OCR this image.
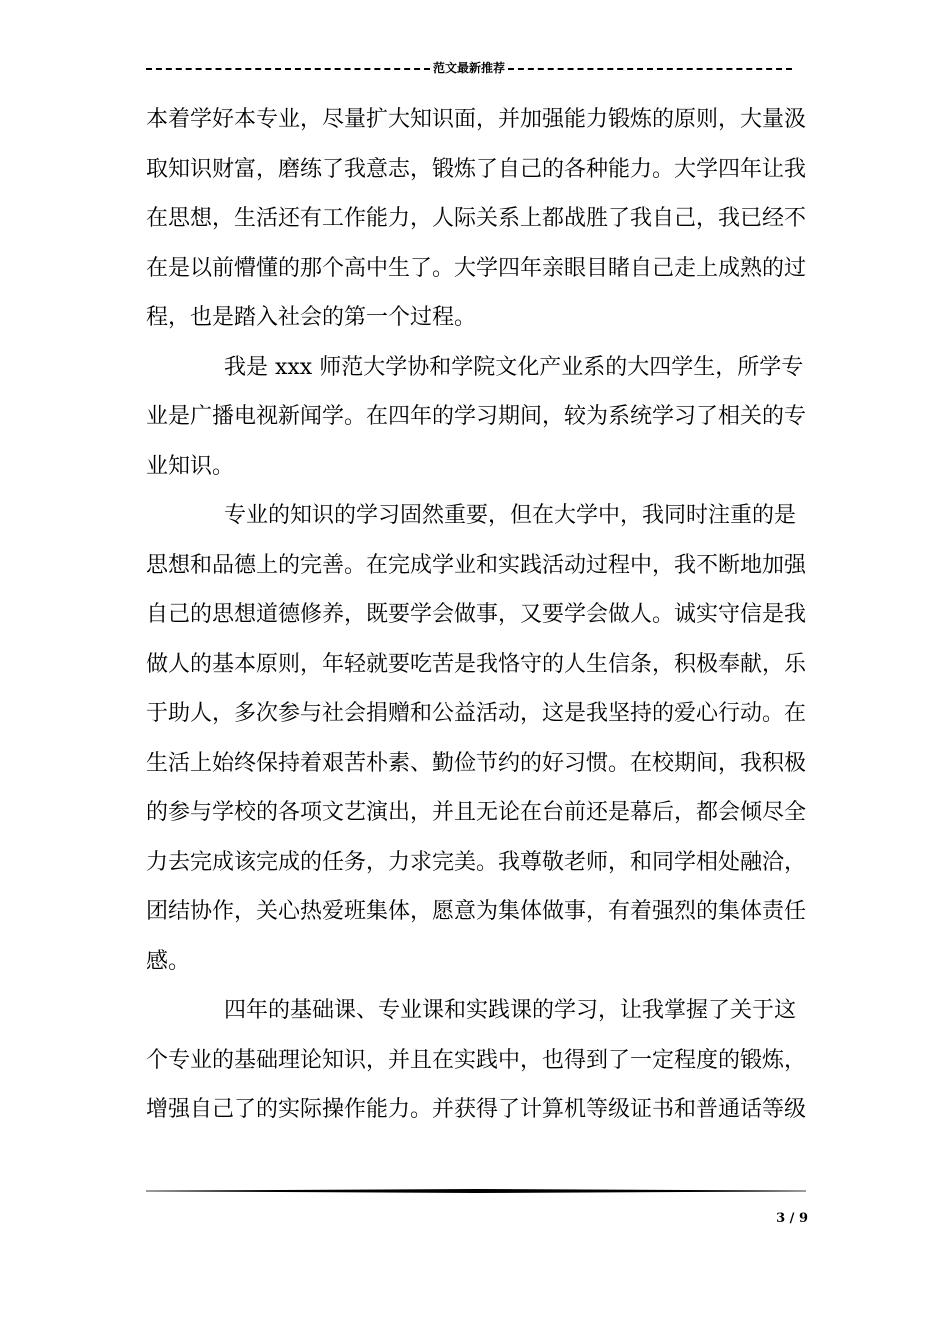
范文最新推荐

本着学好本专业，尽量扩大知识面，并加强能力锻炼的原则，大量汲
取知识财富，磨练了我意志，锻炼了自己的各种能力。大学四年让我
在思想，生活还有工作能力，人际关系上都战胜了我自己，我已经不
在是以前懵懂的那个高中生了。大学四年亲眼目睹自己走上成熟的过
程，也是踏入社会的第一个过程。

我是 xxx 师范大学协和学院文化产业系的大四学生，所学专
业是广播电视新闻学。在四年的学习期间，较为系统学习了相关的专
业知识。

专业的知识的学习固然重要，但在大学中，我同时注重的是
思想和品德上的完善。在完成学业和实践活动过程中，我不断地加强
自己的思想道德修养，既要学会做事，又要学会做人。诚实守信是我
做人的基本原则，年轻就要吃苦是我恪守的人生信条，积极奉献，乐
于助人，多次参与社会捐赠和公益活动，这是我坚持的爱心行动。在
生活上始终保持着艰苦朴素、勤俭节约的好习惯。在校期间，我积极
的参与学校的各项文艺演出，并且无论在台前还是幕后，都会倾尽全
力去完成该完成的任务，力求完美。我尊敬老师，和同学相处融洽，
团结协作，关心热爱班集体，愿意为集体做事，有着强烈的集体责任
感。

四年的基础课、专业课和实践课的学习，让我掌握了关于这
个专业的基础理论知识，并且在实践中，也得到了一定程度的锻炼，
增强自己了的实际操作能力。并获得了计算机等级证书和普通话等级

3 / 9
